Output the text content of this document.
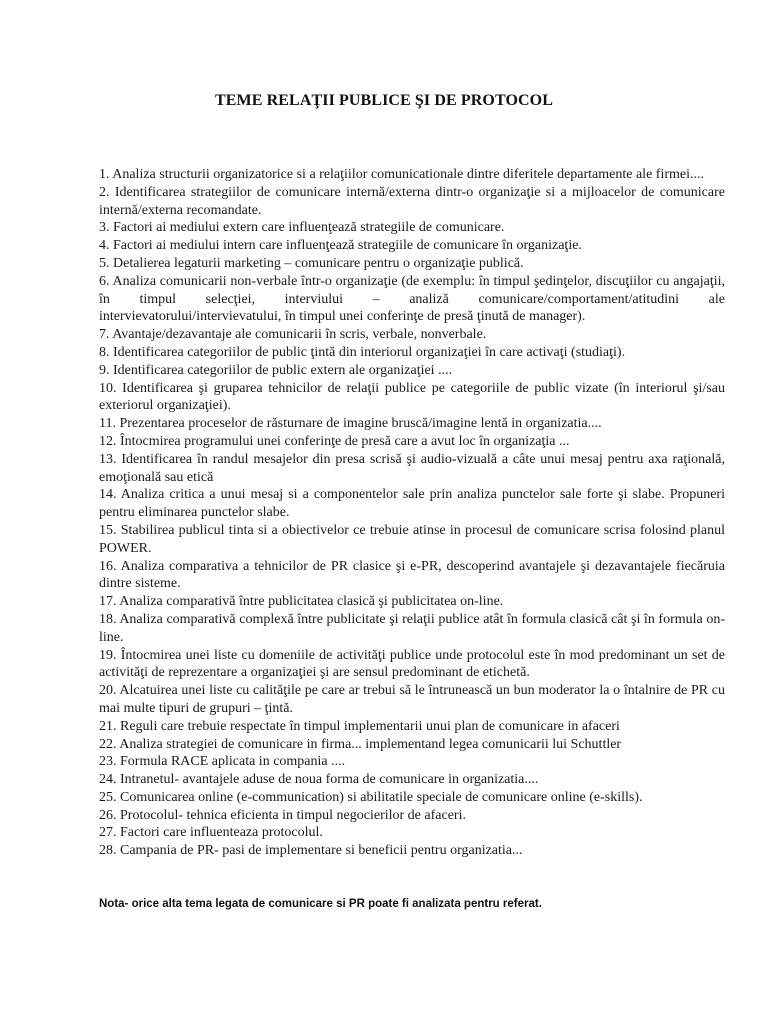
TEME RELAŢII PUBLICE ŞI DE PROTOCOL
1. Analiza structurii organizatorice si a relaţiilor comunicationale dintre diferitele departamente ale firmei....
2. Identificarea strategiilor de comunicare internă/externa dintr-o organizaţie si a mijloacelor de comunicare internă/externa recomandate.
3. Factori ai mediului extern care influenţează strategiile de comunicare.
4. Factori ai mediului intern care influenţează strategiile de comunicare în organizaţie.
5. Detalierea legaturii marketing – comunicare pentru o organizaţie publică.
6. Analiza comunicarii non-verbale într-o organizaţie (de exemplu: în timpul şedinţelor, discuţiilor cu angajaţii, în timpul selecţiei, interviului – analiză comunicare/comportament/atitudini ale intervievatorului/intervievatului, în timpul unei conferinţe de presă ţinută de manager).
7. Avantaje/dezavantaje ale comunicarii în scris, verbale, nonverbale.
8. Identificarea categoriilor de public ţintă din interiorul organizaţiei în care activaţi (studiaţi).
9. Identificarea categoriilor de public extern ale organizaţiei ....
10. Identificarea şi gruparea tehnicilor de relaţii publice pe categoriile de public vizate (în interiorul şi/sau exteriorul organizaţiei).
11. Prezentarea proceselor de răsturnare de imagine bruscă/imagine lentă in organizatia....
12. Întocmirea programului unei conferinţe de presă care a avut loc în organizaţia ...
13. Identificarea în randul mesajelor din presa scrisă şi audio-vizuală a câte unui mesaj pentru axa raţională, emoţională sau etică
14. Analiza critica a unui mesaj si a componentelor sale prin analiza punctelor sale forte şi slabe. Propuneri pentru eliminarea punctelor slabe.
15. Stabilirea publicul tinta si a obiectivelor ce trebuie atinse in procesul de comunicare scrisa folosind planul POWER.
16. Analiza comparativa a tehnicilor de PR clasice şi e-PR, descoperind avantajele şi dezavantajele fiecăruia dintre sisteme.
17. Analiza comparativă între publicitatea clasică şi publicitatea on-line.
18. Analiza comparativă complexă între publicitate şi relaţii publice atât în formula clasică cât şi în formula on-line.
19. Întocmirea unei liste cu domeniile de activităţi publice unde protocolul este în mod predominant un set de activităţi de reprezentare a organizaţiei şi are sensul predominant de etichetă.
20. Alcatuirea unei liste cu calităţile pe care ar trebui să le întrunească un bun moderator la o întalnire de PR cu mai multe tipuri de grupuri – ţintă.
21. Reguli care trebuie respectate în timpul implementarii unui plan de comunicare in afaceri
22. Analiza strategiei de comunicare in firma... implementand legea comunicarii lui Schuttler
23. Formula RACE aplicata in compania ....
24. Intranetul- avantajele aduse de noua forma de comunicare in organizatia....
25. Comunicarea online (e-communication) si abilitatile speciale de comunicare online (e-skills).
26. Protocolul- tehnica eficienta in timpul negocierilor de afaceri.
27. Factori care influenteaza protocolul.
28. Campania de PR- pasi de implementare si beneficii pentru organizatia...
Nota- orice alta tema legata de comunicare si PR poate fi analizata pentru referat.
